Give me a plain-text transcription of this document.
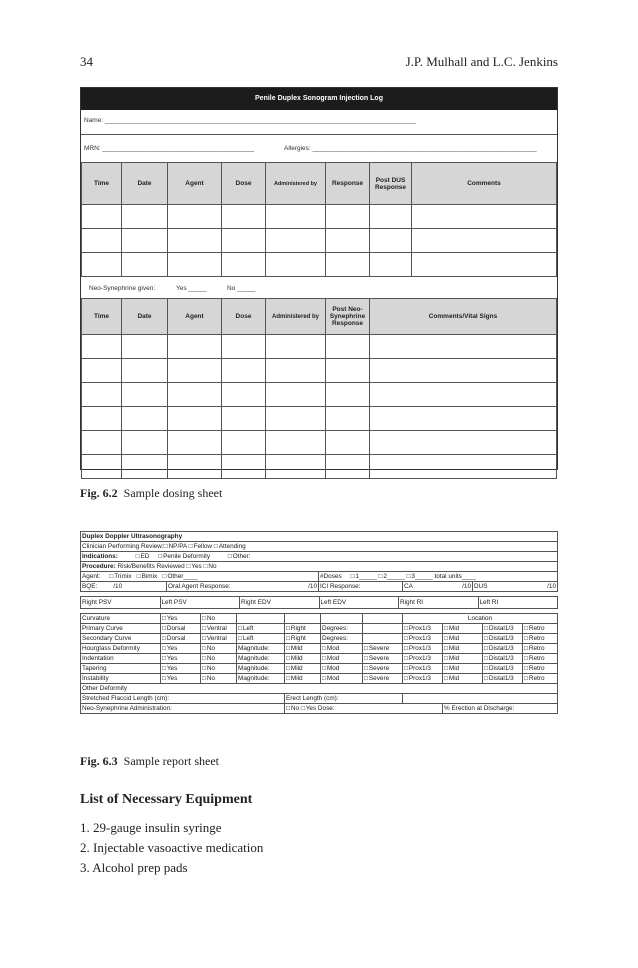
34	J.P. Mulhall and L.C. Jenkins
Penile Duplex Sonogram Injection Log
Name: ______________________________________________________________________________________
MRN: __________________________________________	Allergies: ______________________________________________________________
Time	Date	Agent	Dose	Administered by	Response	Post DUS Response	Comments

Neo-Synephrine given:	Yes _____	No _____
Time	Date	Agent	Dose	Administered by	Post Neo-Synephrine Response	Comments/Vital Signs

Fig. 6.2 Sample dosing sheet
Duplex Doppler Ultrasonography				
Clinician Performing Review: □ NP/PA □ Fellow □ Attending
Indications: □ ED □ Penile Deformity □ Other:
Procedure: Risk/Benefits Reviewed □ Yes □ No
Agent: □ Trimix □ Bimix □ Other____		#Doses □ 1_____ □ 2_____ □ 3_____ total units____
BQE: /10	Oral Agent Response: /10	ICI Response:	CA /10	DUS /10
Right PSV	Left PSV	Right EDV	Left EDV	Right RI	Left RI
Curvature	□ Yes	□ No					Location			
Primary Curve	□ Dorsal	□ Ventral	□ Left	□ Right	Degrees:		□ Prox1/3	□ Mid	□ Distal1/3	□ Retro
Secondary Curve	□ Dorsal	□ Ventral	□ Left	□ Right	Degrees:		□ Prox1/3	□ Mid	□ Distal1/3	□ Retro
Hourglass Deformity	□ Yes	□ No	Magnitude:	□ Mild	□ Mod	□ Severe	□ Prox1/3	□ Mid	□ Distal1/3	□ Retro
Indentation	□ Yes	□ No	Magnitude:	□ Mild	□ Mod	□ Severe	□ Prox1/3	□ Mid	□ Distal1/3	□ Retro
Tapering	□ Yes	□ No	Magnitude:	□ Mild	□ Mod	□ Severe	□ Prox1/3	□ Mid	□ Distal1/3	□ Retro
Instability	□ Yes	□ No	Magnitude:	□ Mild	□ Mod	□ Severe	□ Prox1/3	□ Mid	□ Distal1/3	□ Retro
Other Deformity										
Stretched Flaccid Length (cm):				Erect Length (cm):						
Neo-Synephrine Administration:				□ No □ Yes Dose:				% Erection at Discharge:		
Fig. 6.3 Sample report sheet
List of Necessary Equipment
1. 29-gauge insulin syringe
2. Injectable vasoactive medication
3. Alcohol prep pads
